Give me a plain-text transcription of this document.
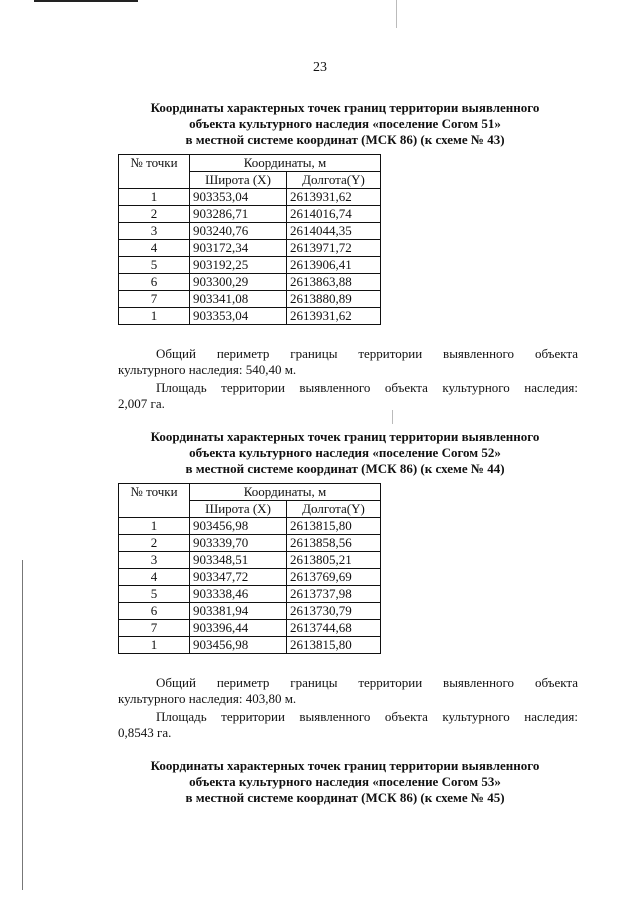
23
Координаты характерных точек границ территории выявленного
объекта культурного наследия «поселение Согом 51»
в местной системе координат (МСК 86) (к схеме № 43)
№ точки	Координаты, м	
	Широта (X)	Долгота(Y)
1	903353,04	2613931,62
2	903286,71	2614016,74
3	903240,76	2614044,35
4	903172,34	2613971,72
5	903192,25	2613906,41
6	903300,29	2613863,88
7	903341,08	2613880,89
1	903353,04	2613931,62
Общий периметр границы территории выявленного объекта
культурного наследия: 540,40 м.
Площадь территории выявленного объекта культурного наследия:
2,007 га.
Координаты характерных точек границ территории выявленного
объекта культурного наследия «поселение Согом 52»
в местной системе координат (МСК 86) (к схеме № 44)
№ точки	Координаты, м	
	Широта (X)	Долгота(Y)
1	903456,98	2613815,80
2	903339,70	2613858,56
3	903348,51	2613805,21
4	903347,72	2613769,69
5	903338,46	2613737,98
6	903381,94	2613730,79
7	903396,44	2613744,68
1	903456,98	2613815,80
Общий периметр границы территории выявленного объекта
культурного наследия: 403,80 м.
Площадь территории выявленного объекта культурного наследия:
0,8543 га.
Координаты характерных точек границ территории выявленного
объекта культурного наследия «поселение Согом 53»
в местной системе координат (МСК 86) (к схеме № 45)
